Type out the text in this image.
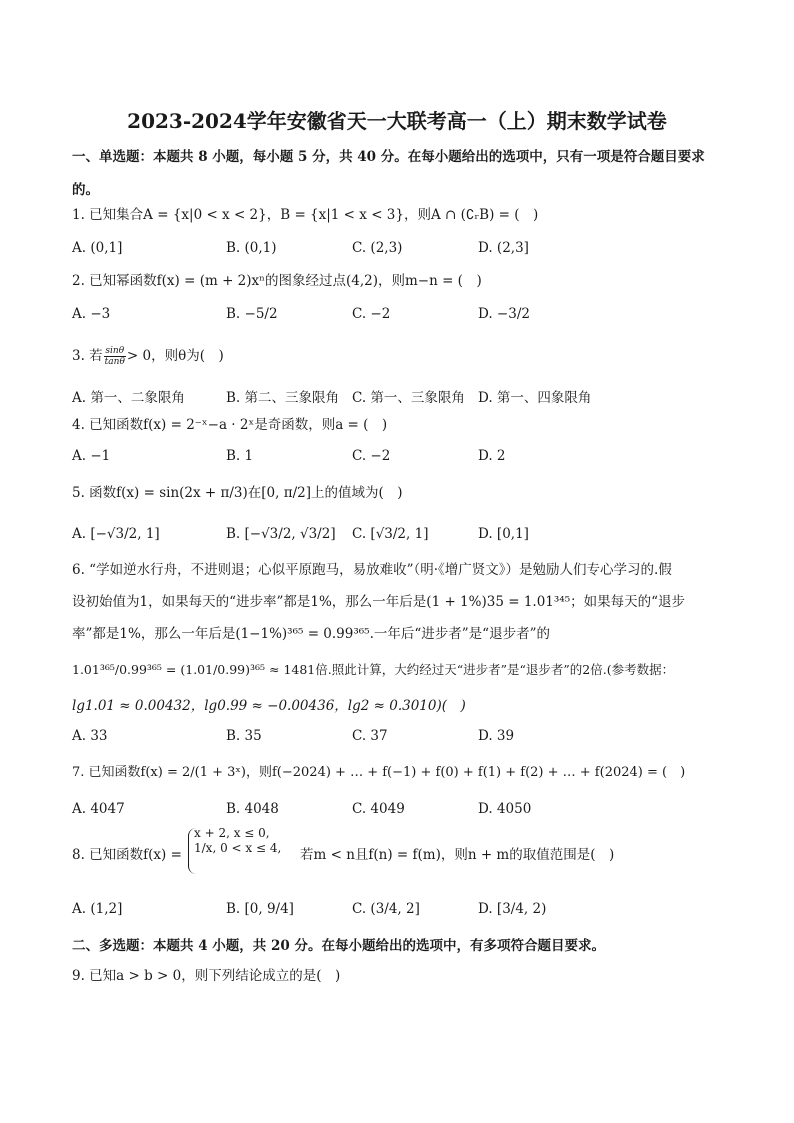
2023-2024学年安徽省天一大联考高一（上）期末数学试卷
一、单选题：本题共 8 小题，每小题 5 分，共 40 分。在每小题给出的选项中，只有一项是符合题目要求
的。
1. 已知集合A = {x|0 < x < 2}，B = {x|1 < x < 3}，则A ∩ (∁ᵣB) = (　)
A. (0,1]	B. (0,1)	C. (2,3)	D. (2,3]
2. 已知幂函数f(x) = (m + 2)xⁿ的图象经过点(4,2)，则m−n = (　)
A. −3	B. −5/2	C. −2	D. −3/2
3. 若 $\frac{\sin\theta}{\tan\theta} > 0$，则θ为(　)
A. 第一、二象限角	B. 第二、三象限角 C. 第一、三象限角 D. 第一、四象限角
4. 已知函数f(x) = 2⁻ˣ−a · 2ˣ是奇函数，则a = (　)
A. −1	B. 1	C. −2	D. 2
5. 函数f(x) = sin(2x + π/3)在[0, π/2]上的值域为(　)
A. [−√3/2, 1]	B. [−√3/2, √3/2] C. [√3/2, 1]	D. [0,1]
6. “学如逆水行舟，不进则退；心似平原跑马，易放难收”（明·《增广贤文》）是勉励人们专心学习的.假
设初始值为1，如果每天的“进步率”都是1%，那么一年后是(1 + 1%)35 = 1.01³⁴⁵；如果每天的“退步
率”都是1%，那么一年后是(1−1%)³⁶⁵ = 0.99³⁶⁵.一年后“进步者”是“退步者”的
1.01³⁶⁵/0.99³⁶⁵ = (1.01/0.99)³⁶⁵ ≈ 1481倍.照此计算，大约经过天“进步者”是“退步者”的2倍.(参考数据：
lg1.01 ≈ 0.00432，lg0.99 ≈ −0.00436，lg2 ≈ 0.3010)(　)
A. 33	B. 35	C. 37	D. 39
7. 已知函数f(x) = 2/(1 + 3ˣ)，则f(−2024) + … + f(−1) + f(0) + f(1) + f(2) + … + f(2024) = (　)
A. 4047	B. 4048	C. 4049	D. 4050
8. 已知函数f(x) =
x + 2, x ≤ 0,
1/x, 0 < x ≤ 4, 若m < n且f(n) = f(m)，则n + m的取值范围是(　)
A. (1,2]	B. [0, 9/4]	C. (3/4, 2]	D. [3/4, 2)
二、多选题：本题共 4 小题，共 20 分。在每小题给出的选项中，有多项符合题目要求。
9. 已知a > b > 0，则下列结论成立的是(　)
